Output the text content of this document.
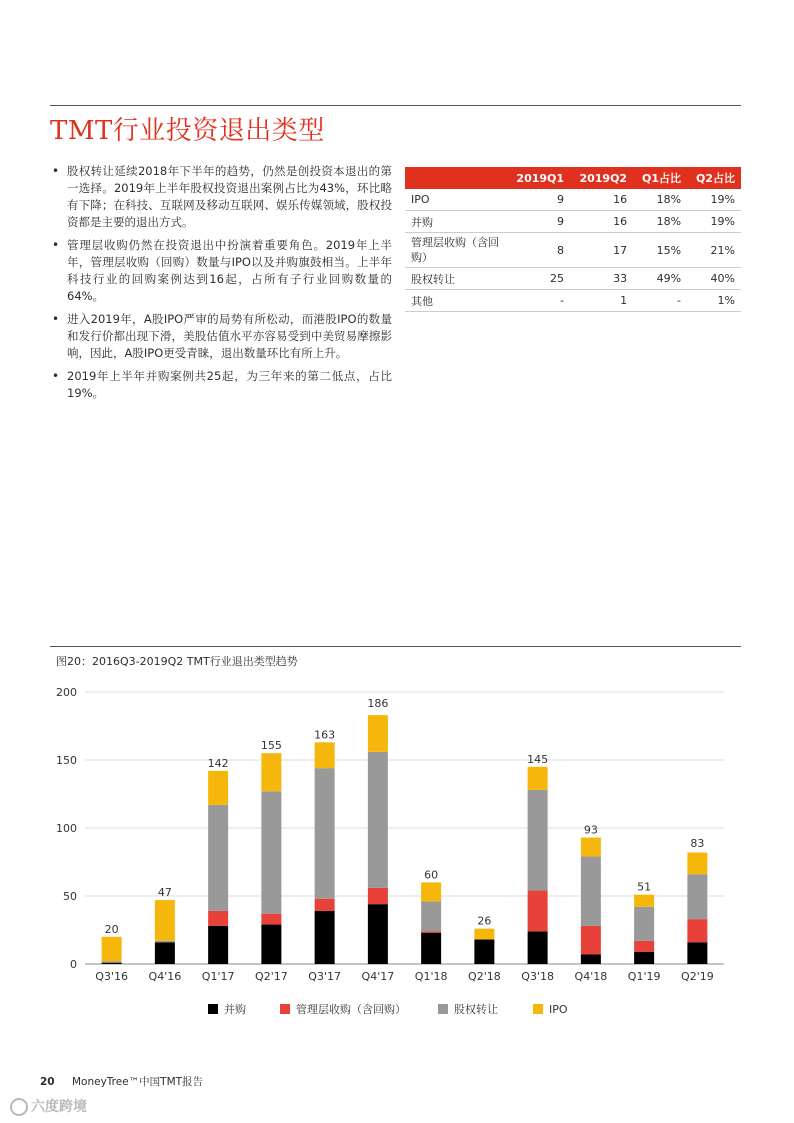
TMT行业投资退出类型
• 股权转让延续2018年下半年的趋势，仍然是创投资本退出的第一选择。2019年上半年股权投资退出案例占比为43%，环比略有下降；在科技、互联网及移动互联网、娱乐传媒领域，股权投资都是主要的退出方式。
• 管理层收购仍然在投资退出中扮演着重要角色。2019年上半年，管理层收购（回购）数量与IPO以及并购旗鼓相当。上半年科技行业的回购案例达到16起，占所有子行业回购数量的64%。
• 进入2019年，A股IPO严审的局势有所松动，而港股IPO的数量和发行价都出现下滑，美股估值水平亦容易受到中美贸易摩擦影响，因此，A股IPO更受青睐，退出数量环比有所上升。
• 2019年上半年并购案例共25起，为三年来的第二低点，占比19%。
	2019Q1	2019Q2	Q1占比	Q2占比
IPO	9	16	18%	19%
并购	9	16	18%	19%
管理层收购（含回购）	8	17	15%	21%
股权转让	25	33	49%	40%
其他	-	1	-	1%
图20：2016Q3-2019Q2 TMT行业退出类型趋势
0
50
100
150
200
20
Q3'16
47
Q4'16
142
Q1'17
155
Q2'17
163
Q3'17
186
Q4'17
60
Q1'18
26
Q2'18
145
Q3'18
93
Q4'18
51
Q1'19
83
Q2'19
并购	管理层收购（含回购）	股权转让	IPO
20 MoneyTree™中国TMT报告
六度跨境
